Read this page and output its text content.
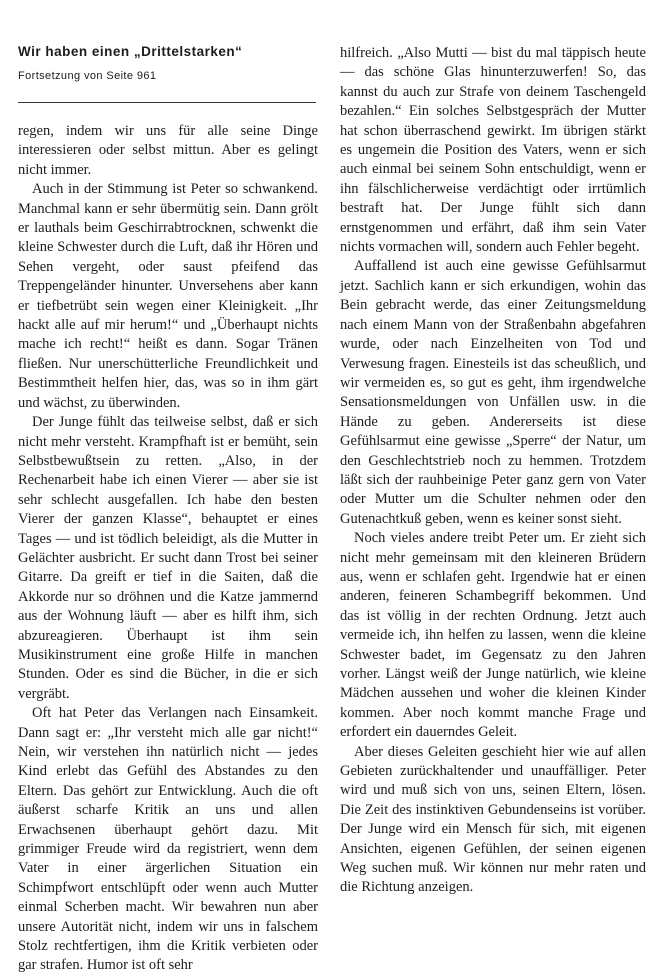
Wir haben einen „Drittelstarken“
Fortsetzung von Seite 961

regen, indem wir uns für alle seine Dinge interessieren oder selbst mittun. Aber es gelingt nicht immer.

Auch in der Stimmung ist Peter so schwankend. Manchmal kann er sehr übermütig sein. Dann grölt er lauthals beim Geschirrabtrocknen, schwenkt die kleine Schwester durch die Luft, daß ihr Hören und Sehen vergeht, oder saust pfeifend das Treppengeländer hinunter. Unversehens aber kann er tiefbetrübt sein wegen einer Kleinigkeit. „Ihr hackt alle auf mir herum!“ und „Überhaupt nichts mache ich recht!“ heißt es dann. Sogar Tränen fließen. Nur unerschütterliche Freundlichkeit und Bestimmtheit helfen hier, das, was so in ihm gärt und wächst, zu überwinden.

Der Junge fühlt das teilweise selbst, daß er sich nicht mehr versteht. Krampfhaft ist er bemüht, sein Selbstbewußtsein zu retten. „Also, in der Rechenarbeit habe ich einen Vierer — aber sie ist sehr schlecht ausgefallen. Ich habe den besten Vierer der ganzen Klasse“, behauptet er eines Tages — und ist tödlich beleidigt, als die Mutter in Gelächter ausbricht. Er sucht dann Trost bei seiner Gitarre. Da greift er tief in die Saiten, daß die Akkorde nur so dröhnen und die Katze jammernd aus der Wohnung läuft — aber es hilft ihm, sich abzureagieren. Überhaupt ist ihm sein Musikinstrument eine große Hilfe in manchen Stunden. Oder es sind die Bücher, in die er sich vergräbt.

Oft hat Peter das Verlangen nach Einsamkeit. Dann sagt er: „Ihr versteht mich alle gar nicht!“ Nein, wir verstehen ihn natürlich nicht — jedes Kind erlebt das Gefühl des Abstandes zu den Eltern. Das gehört zur Entwicklung. Auch die oft äußerst scharfe Kritik an uns und allen Erwachsenen überhaupt gehört dazu. Mit grimmiger Freude wird da registriert, wenn dem Vater in einer ärgerlichen Situation ein Schimpfwort entschlüpft oder wenn auch Mutter einmal Scherben macht. Wir bewahren nun aber unsere Autorität nicht, indem wir uns in falschem Stolz rechtfertigen, ihm die Kritik verbieten oder gar strafen. Humor ist oft sehr

hilfreich. „Also Mutti — bist du mal täppisch heute — das schöne Glas hinunterzuwerfen! So, das kannst du auch zur Strafe von deinem Taschengeld bezahlen.“ Ein solches Selbstgespräch der Mutter hat schon überraschend gewirkt. Im übrigen stärkt es ungemein die Position des Vaters, wenn er sich auch einmal bei seinem Sohn entschuldigt, wenn er ihn fälschlicherweise verdächtigt oder irrtümlich bestraft hat. Der Junge fühlt sich dann ernstgenommen und erfährt, daß ihm sein Vater nichts vormachen will, sondern auch Fehler begeht.

Auffallend ist auch eine gewisse Gefühlsarmut jetzt. Sachlich kann er sich erkundigen, wohin das Bein gebracht werde, das einer Zeitungsmeldung nach einem Mann von der Straßenbahn abgefahren wurde, oder nach Einzelheiten von Tod und Verwesung fragen. Einesteils ist das scheußlich, und wir vermeiden es, so gut es geht, ihm irgendwelche Sensationsmeldungen von Unfällen usw. in die Hände zu geben. Andererseits ist diese Gefühlsarmut eine gewisse „Sperre“ der Natur, um den Geschlechtstrieb noch zu hemmen. Trotzdem läßt sich der rauhbeinige Peter ganz gern von Vater oder Mutter um die Schulter nehmen oder den Gutenachtkuß geben, wenn es keiner sonst sieht.

Noch vieles andere treibt Peter um. Er zieht sich nicht mehr gemeinsam mit den kleineren Brüdern aus, wenn er schlafen geht. Irgendwie hat er einen anderen, feineren Schambegriff bekommen. Und das ist völlig in der rechten Ordnung. Jetzt auch vermeide ich, ihn helfen zu lassen, wenn die kleine Schwester badet, im Gegensatz zu den Jahren vorher. Längst weiß der Junge natürlich, wie kleine Mädchen aussehen und woher die kleinen Kinder kommen. Aber noch kommt manche Frage und erfordert ein dauerndes Geleit.

Aber dieses Geleiten geschieht hier wie auf allen Gebieten zurückhaltender und unauffälliger. Peter wird und muß sich von uns, seinen Eltern, lösen. Die Zeit des instinktiven Gebundenseins ist vorüber. Der Junge wird ein Mensch für sich, mit eigenen Ansichten, eigenen Gefühlen, der seinen eigenen Weg suchen muß. Wir können nur mehr raten und die Richtung anzeigen.
